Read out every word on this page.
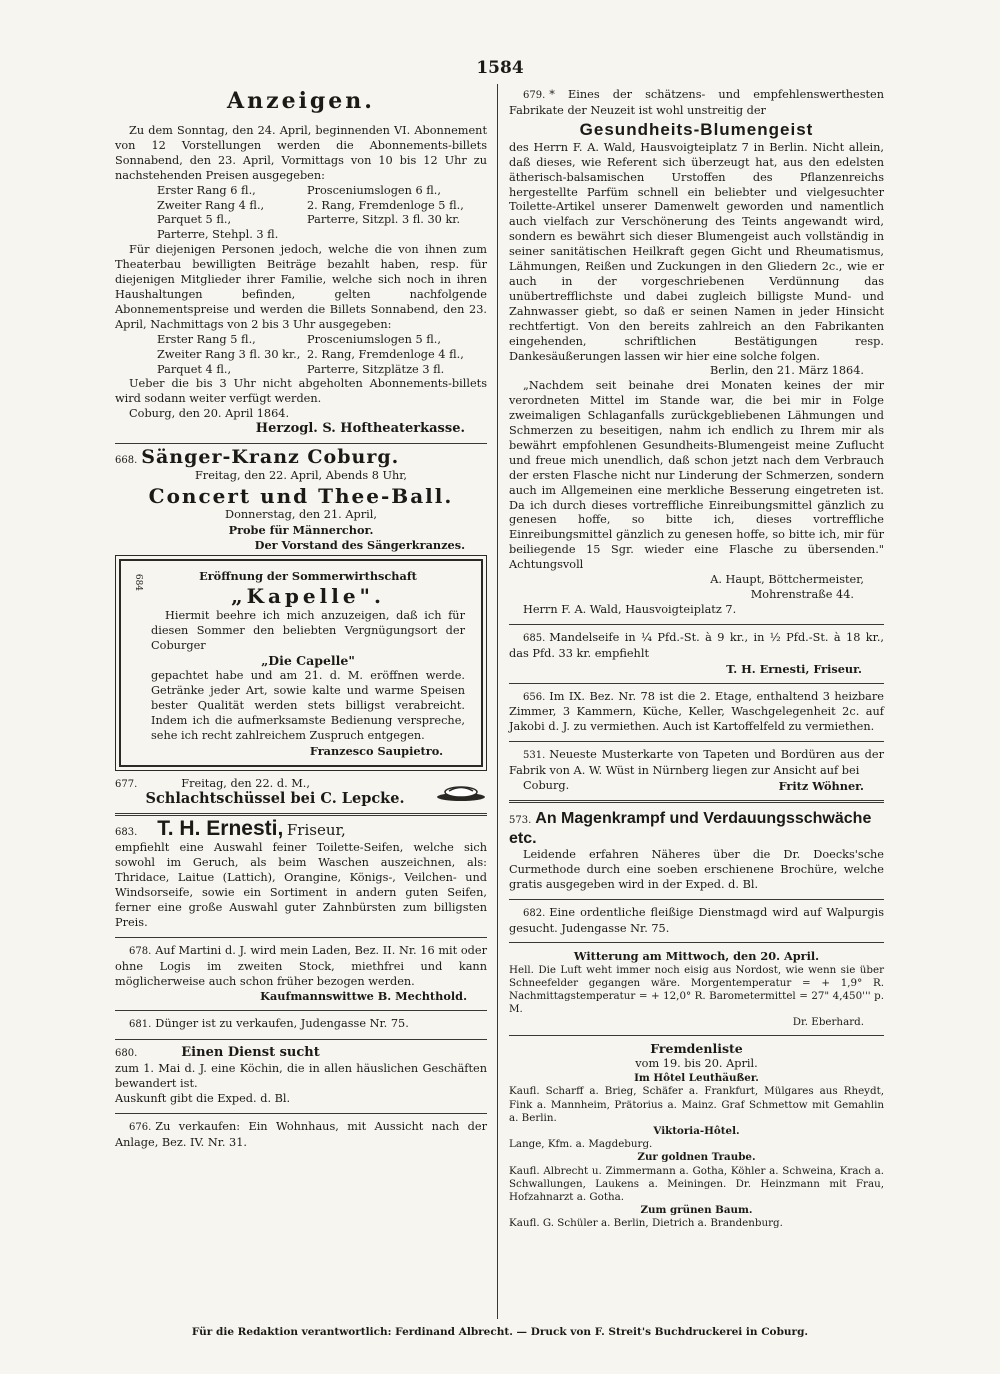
1584
Anzeigen.

Zu dem Sonntag, den 24. April, beginnenden VI. Abonnement von 12 Vorstellungen werden die Abonnements-billets Sonnabend, den 23. April, Vormittags von 10 bis 12 Uhr zu nachstehenden Preisen ausgegeben:

Erster Rang 6 fl.,	Prosceniumslogen 6 fl.,
Zweiter Rang 4 fl.,	2. Rang, Fremdenloge 5 fl.,
Parquet 5 fl.,	Parterre, Sitzpl. 3 fl. 30 kr.
Parterre, Stehpl. 3 fl.

Für diejenigen Personen jedoch, welche die von ihnen zum Theaterbau bewilligten Beiträge bezahlt haben, resp. für diejenigen Mitglieder ihrer Familie, welche sich noch in ihren Haushaltungen befinden, gelten nachfolgende Abonnementspreise und werden die Billets Sonnabend, den 23. April, Nachmittags von 2 bis 3 Uhr ausgegeben:

Erster Rang 5 fl.,	Prosceniumslogen 5 fl.,
Zweiter Rang 3 fl. 30 kr., 2. Rang, Fremdenloge 4 fl.,
Parquet 4 fl.,	Parterre, Sitzplätze 3 fl.

Ueber die bis 3 Uhr nicht abgeholten Abonnements-billets wird sodann weiter verfügt werden.

Coburg, den 20. April 1864.

Herzogl. S. Hoftheaterkasse.

668. Sänger-Kranz Coburg.

Freitag, den 22. April, Abends 8 Uhr,

Concert und Thee-Ball.

Donnerstag, den 21. April,

Probe für Männerchor.

Der Vorstand des Sängerkranzes.

684	Eröffnung der Sommerwirthschaft

„Kapelle".

Hiermit beehre ich mich anzuzeigen, daß ich für diesen Sommer den beliebten Vergnügungsort der Coburger

„Die Capelle"

gepachtet habe und am 21. d. M. eröffnen werde. Getränke jeder Art, sowie kalte und warme Speisen bester Qualität werden stets billigst verabreicht. Indem ich die aufmerksamste Bedienung verspreche, sehe ich recht zahlreichem Zuspruch entgegen.

Franzesco Saupietro.

677.	Freitag, den 22. d. M.,

Schlachtschüssel bei C. Lepcke.

683. T. H. Ernesti, Friseur,

empfiehlt eine Auswahl feiner Toilette-Seifen, welche sich sowohl im Geruch, als beim Waschen auszeichnen, als: Thridace, Laitue (Lattich), Orangine, Königs-, Veilchen- und Windsorseife, sowie ein Sortiment in andern guten Seifen, ferner eine große Auswahl guter Zahnbürsten zum billigsten Preis.

678. Auf Martini d. J. wird mein Laden, Bez. II. Nr. 16 mit oder ohne Logis im zweiten Stock, miethfrei und kann möglicherweise auch schon früher bezogen werden.

Kaufmannswittwe B. Mechthold.

681. Dünger ist zu verkaufen, Judengasse Nr. 75.

680.	Einen Dienst sucht

zum 1. Mai d. J. eine Köchin, die in allen häuslichen Geschäften bewandert ist.

Auskunft gibt die Exped. d. Bl.

676. Zu verkaufen: Ein Wohnhaus, mit Aussicht nach der Anlage, Bez. IV. Nr. 31.

679. * Eines der schätzens- und empfehlenswerthesten Fabrikate der Neuzeit ist wohl unstreitig der

Gesundheits-Blumengeist

des Herrn F. A. Wald, Hausvoigteiplatz 7 in Berlin. Nicht allein, daß dieses, wie Referent sich überzeugt hat, aus den edelsten ätherisch-balsamischen Urstoffen des Pflanzenreichs hergestellte Parfüm schnell ein beliebter und vielgesuchter Toilette-Artikel unserer Damenwelt geworden und namentlich auch vielfach zur Verschönerung des Teints angewandt wird, sondern es bewährt sich dieser Blumengeist auch vollständig in seiner sanitätischen Heilkraft gegen Gicht und Rheumatismus, Lähmungen, Reißen und Zuckungen in den Gliedern 2c., wie er auch in der vorgeschriebenen Verdünnung das unübertrefflichste und dabei zugleich billigste Mund- und Zahnwasser giebt, so daß er seinen Namen in jeder Hinsicht rechtfertigt. Von den bereits zahlreich an den Fabrikanten eingehenden, schriftlichen Bestätigungen resp. Dankesäußerungen lassen wir hier eine solche folgen.

Berlin, den 21. März 1864.

„Nachdem seit beinahe drei Monaten keines der mir verordneten Mittel im Stande war, die bei mir in Folge zweimaligen Schlaganfalls zurückgebliebenen Lähmungen und Schmerzen zu beseitigen, nahm ich endlich zu Ihrem mir als bewährt empfohlenen Gesundheits-Blumengeist meine Zuflucht und freue mich unendlich, daß schon jetzt nach dem Verbrauch der ersten Flasche nicht nur Linderung der Schmerzen, sondern auch im Allgemeinen eine merkliche Besserung eingetreten ist. Da ich durch dieses vortreffliche Einreibungsmittel gänzlich zu genesen hoffe, so bitte ich, dieses vortreffliche Einreibungsmittel gänzlich zu genesen hoffe, so bitte ich, mir für beiliegende 15 Sgr. wieder eine Flasche zu übersenden." Achtungsvoll

A. Haupt, Böttchermeister,

Mohrenstraße 44.

Herrn F. A. Wald, Hausvoigteiplatz 7.

685. Mandelseife in ¼ Pfd.-St. à 9 kr., in ½ Pfd.-St. à 18 kr., das Pfd. 33 kr. empfiehlt

T. H. Ernesti, Friseur.

656. Im IX. Bez. Nr. 78 ist die 2. Etage, enthaltend 3 heizbare Zimmer, 3 Kammern, Küche, Keller, Waschgelegenheit 2c. auf Jakobi d. J. zu vermiethen. Auch ist Kartoffelfeld zu vermiethen.

531. Neueste Musterkarte von Tapeten und Bordüren aus der Fabrik von A. W. Wüst in Nürnberg liegen zur Ansicht auf bei

Coburg.	Fritz Wöhner.
573. An Magenkrampf und Verdauungsschwäche etc.

Leidende erfahren Näheres über die Dr. Doecks'sche Curmethode durch eine soeben erschienene Brochüre, welche gratis ausgegeben wird in der Exped. d. Bl.

682. Eine ordentliche fleißige Dienstmagd wird auf Walpurgis gesucht. Judengasse Nr. 75.

Witterung am Mittwoch, den 20. April.

Hell. Die Luft weht immer noch eisig aus Nordost, wie wenn sie über Schneefelder gegangen wäre. Morgentemperatur = + 1,9° R. Nachmittagstemperatur = + 12,0° R. Barometermittel = 27" 4,450''' p. M.

Dr. Eberhard.

Fremdenliste

vom 19. bis 20. April.

Im Hôtel Leuthäußer.

Kaufl. Scharff a. Brieg, Schäfer a. Frankfurt, Mülgares aus Rheydt, Fink a. Mannheim, Prätorius a. Mainz. Graf Schmettow mit Gemahlin a. Berlin.

Viktoria-Hôtel.

Lange, Kfm. a. Magdeburg.

Zur goldnen Traube.

Kaufl. Albrecht u. Zimmermann a. Gotha, Köhler a. Schweina, Krach a. Schwallungen, Laukens a. Meiningen. Dr. Heinzmann mit Frau, Hofzahnarzt a. Gotha.

Zum grünen Baum.

Kaufl. G. Schüler a. Berlin, Dietrich a. Brandenburg.

Für die Redaktion verantwortlich: Ferdinand Albrecht. — Druck von F. Streit's Buchdruckerei in Coburg.
